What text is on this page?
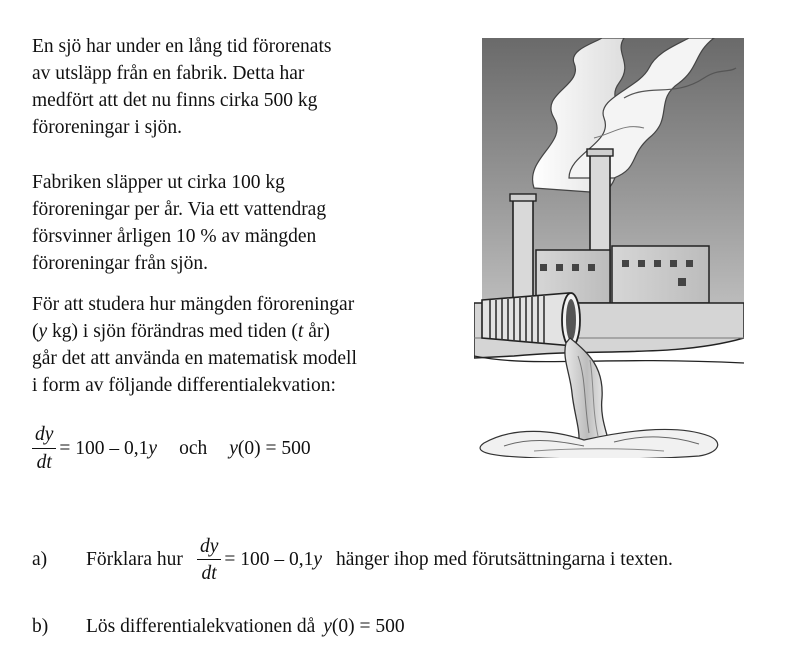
En sjö har under en lång tid förorenats
av utsläpp från en fabrik. Detta har
medfört att det nu finns cirka 500 kg
föroreningar i sjön.
Fabriken släpper ut cirka 100 kg
föroreningar per år. Via ett vattendrag
försvinner årligen 10 % av mängden
föroreningar från sjön.
För att studera hur mängden föroreningar
(y kg) i sjön förändras med tiden (t år)
går det att använda en matematisk modell
i form av följande differentialekvation:
$\frac{dy}{dt} = 100 - 0,1$ y och y (0) = 500
a) Förklara hur $\frac{dy}{dt} = 100 - 0,1$ y hänger ihop med förutsättningarna i texten.
b) Lös differentialekvationen då y (0) = 500
